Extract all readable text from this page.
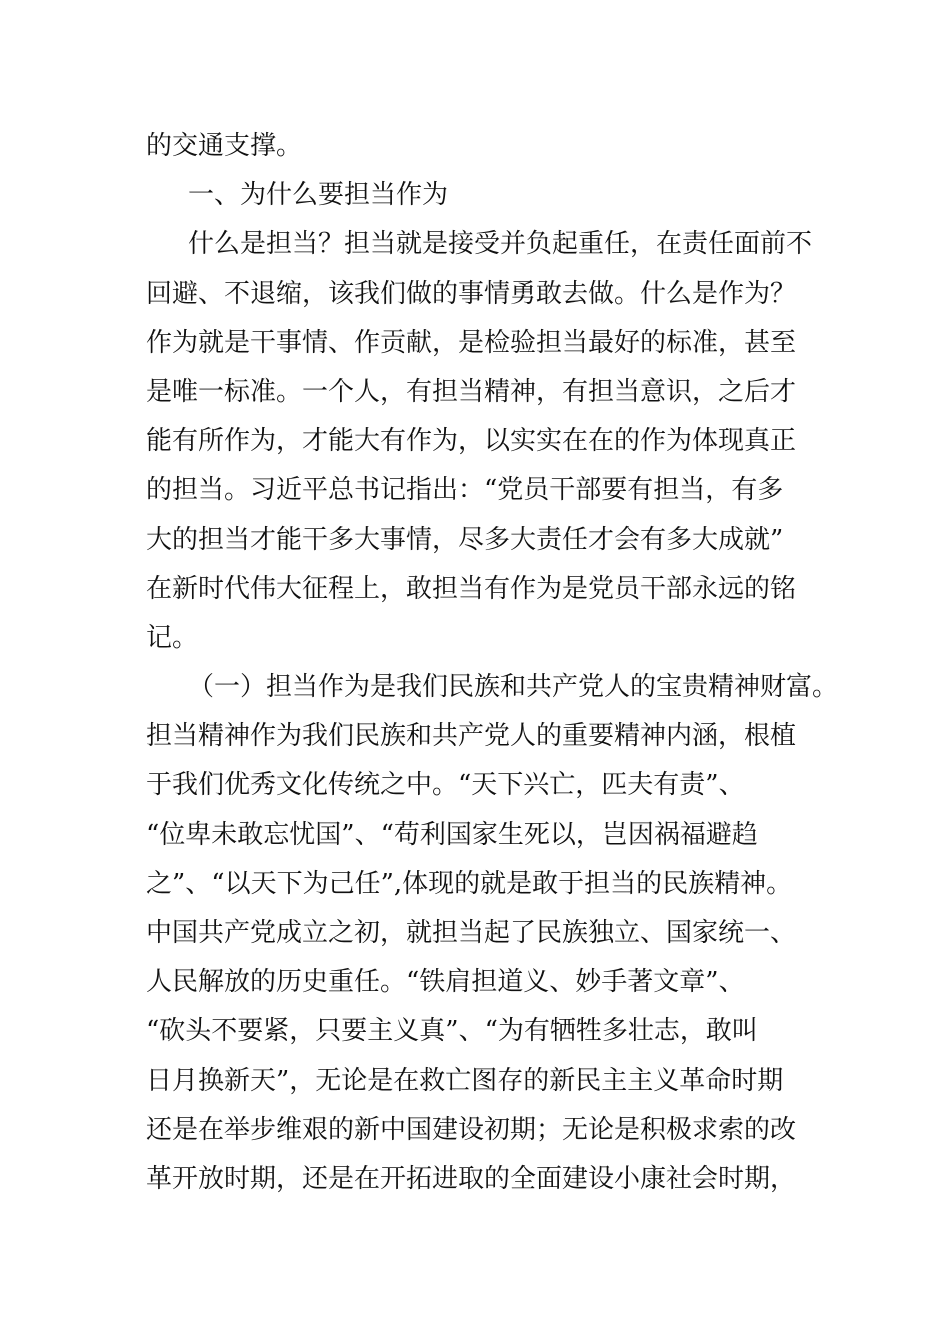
的交通支撑。
一、为什么要担当作为
什么是担当？担当就是接受并负起重任，在责任面前不
回避、不退缩，该我们做的事情勇敢去做。什么是作为？
作为就是干事情、作贡献，是检验担当最好的标准，甚至
是唯一标准。一个人，有担当精神，有担当意识，之后才
能有所作为，才能大有作为，以实实在在的作为体现真正
的担当。习近平总书记指出：“党员干部要有担当，有多
大的担当才能干多大事情，尽多大责任才会有多大成就”
在新时代伟大征程上，敢担当有作为是党员干部永远的铭
记。
（一）担当作为是我们民族和共产党人的宝贵精神财富。
担当精神作为我们民族和共产党人的重要精神内涵，根植
于我们优秀文化传统之中。“天下兴亡，匹夫有责”、
“位卑未敢忘忧国”、“苟利国家生死以，岂因祸福避趋
之”、“以天下为己任”,体现的就是敢于担当的民族精神。
中国共产党成立之初，就担当起了民族独立、国家统一、
人民解放的历史重任。“铁肩担道义、妙手著文章”、
“砍头不要紧，只要主义真”、“为有牺牲多壮志，敢叫
日月换新天”，无论是在救亡图存的新民主主义革命时期
还是在举步维艰的新中国建设初期；无论是积极求索的改
革开放时期，还是在开拓进取的全面建设小康社会时期，
